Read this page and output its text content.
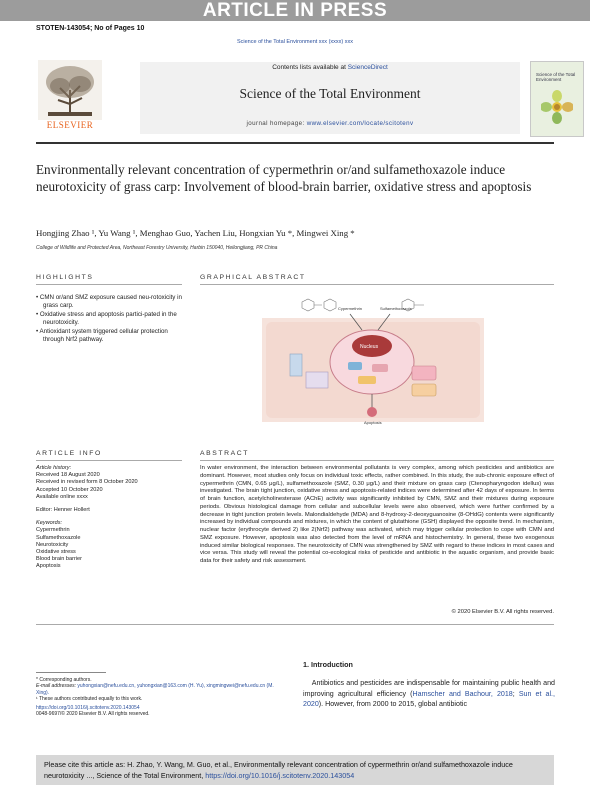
ARTICLE IN PRESS
STOTEN-143054; No of Pages 10
Science of the Total Environment xxx (xxxx) xxx
ELSEVIER
Contents lists available at ScienceDirect
Science of the Total Environment
journal homepage: www.elsevier.com/locate/scitotenv
Science of the Total Environment
Environmentally relevant concentration of cypermethrin or/and sulfamethoxazole induce neurotoxicity of grass carp: Involvement of blood-brain barrier, oxidative stress and apoptosis
Hongjing Zhao ¹, Yu Wang ¹, Menghao Guo, Yachen Liu, Hongxian Yu *, Mingwei Xing *
College of Wildlife and Protected Area, Northeast Forestry University, Harbin 150040, Heilongjiang, PR China
HIGHLIGHTS
• CMN or/and SMZ exposure caused neu-rotoxicity in grass carp.
• Oxidative stress and apoptosis partici-pated in the neurotoxicity.
• Antioxidant system triggered cellular protection through Nrf2 pathway.
GRAPHICAL ABSTRACT
Cypermethrin	Sulfamethoxazole
Nucleus
Apoptosis
ARTICLE INFO
Article history:
Received 18 August 2020
Received in revised form 8 October 2020
Accepted 10 October 2020
Available online xxxx
Editor: Henner Hollert
Keywords:
Cypermethrin
Sulfamethoxazole
Neurotoxicity
Oxidative stress
Blood brain barrier
Apoptosis
ABSTRACT
In water environment, the interaction between environmental pollutants is very complex, among which pesticides and antibiotics are dominant. However, most studies only focus on individual toxic effects, rather combined. In this study, the sub-chronic exposure effect of cypermethrin (CMN, 0.65 μg/L), sulfamethoxazole (SMZ, 0.30 μg/L) and their mixture on grass carp (Ctenopharyngodon idellus) was investigated. The brain tight junction, oxidative stress and apoptosis-related indices were determined after 42 days of exposure. In terms of brain function, acetylcholinesterase (AChE) activity was significantly inhibited by CMN, SMZ and their mixtures during exposure periods. Obvious histological damage from cellular and subcellular levels were also observed, which were further confirmed by a decrease in tight junction protein levels. Malondialdehyde (MDA) and 8-hydroxy-2-deoxyguanosine (8-OHdG) contents were significantly increased by individual compounds and mixtures, in which the content of glutathione (GSH) displayed the opposite trend. In mechanism, nuclear factor (erythrocyte derived 2) like 2(Nrf2) pathway was activated, which may trigger cellular protection to cope with CMN and SMZ exposure. However, apoptosis was also detected from the level of mRNA and histochemistry. In general, these two exogenous induced similar biological responses. The neurotoxicity of CMN was strengthened by SMZ with regard to these indices in most cases and vice versa. This study will reveal the potential co-ecological risks of pesticide and antibiotic in the aquatic organism, and provide basic data for their safety and risk assessment.
© 2020 Elsevier B.V. All rights reserved.
* Corresponding authors.
E-mail addresses: yuhongxian@nefu.edu.cn, yuhongxian@163.com (H. Yu), xingmingwei@nefu.edu.cn (M. Xing).
¹ These authors contributed equally to this work.
https://doi.org/10.1016/j.scitotenv.2020.143054
0048-9697/© 2020 Elsevier B.V. All rights reserved.
1. Introduction
Antibiotics and pesticides are indispensable for maintaining public health and improving agricultural efficiency (Hamscher and Bachour, 2018; Sun et al., 2020). However, from 2000 to 2015, global antibiotic
Please cite this article as: H. Zhao, Y. Wang, M. Guo, et al., Environmentally relevant concentration of cypermethrin or/and sulfamethoxazole induce neurotoxicity ..., Science of the Total Environment, https://doi.org/10.1016/j.scitotenv.2020.143054
